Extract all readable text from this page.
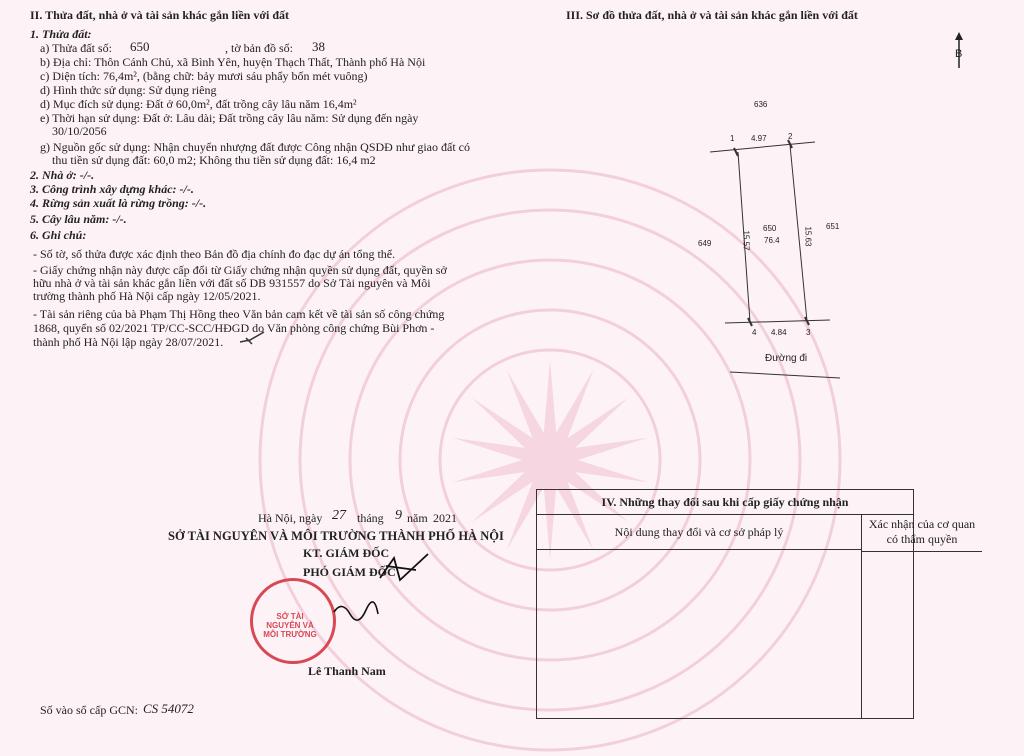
II. Thửa đất, nhà ở và tài sản khác gắn liền với đất
1. Thửa đất:
a) Thửa đất số: 650	, tờ bản đồ số: 38
b) Địa chỉ: Thôn Cánh Chủ, xã Bình Yên, huyện Thạch Thất, Thành phố Hà Nội
c) Diện tích: 76,4m², (bằng chữ: bảy mươi sáu phẩy bốn mét vuông)
d) Hình thức sử dụng: Sử dụng riêng
d) Mục đích sử dụng: Đất ở 60,0m², đất trồng cây lâu năm 16,4m²
e) Thời hạn sử dụng: Đất ở: Lâu dài; Đất trồng cây lâu năm: Sử dụng đến ngày
30/10/2056
g) Nguồn gốc sử dụng: Nhận chuyển nhượng đất được Công nhận QSDĐ như giao đất có
thu tiền sử dụng đất: 60,0 m2; Không thu tiền sử dụng đất: 16,4 m2
2. Nhà ở: -/-.
3. Công trình xây dựng khác: -/-.
4. Rừng sản xuất là rừng trồng: -/-.
5. Cây lâu năm: -/-.
6. Ghi chú:
- Số tờ, số thửa được xác định theo Bản đồ địa chính đo đạc dự án tổng thể.
- Giấy chứng nhận này được cấp đổi từ Giấy chứng nhận quyền sử dụng đất, quyền sở
hữu nhà ở và tài sản khác gắn liền với đất số DB 931557 do Sở Tài nguyên và Môi
trường thành phố Hà Nội cấp ngày 12/05/2021.
- Tài sản riêng của bà Phạm Thị Hồng theo Văn bản cam kết về tài sản số công chứng
1868, quyển số 02/2021 TP/CC-SCC/HĐGD do Văn phòng công chứng Bùi Phơn -
thành phố Hà Nội lập ngày 28/07/2021.
III. Sơ đồ thửa đất, nhà ở và tài sản khác gắn liền với đất
B
636
1 4.97	2
649	15.57
650
76.4	15.63 651
4 4.84 3
Đường đi
Hà Nội, ngày 27 tháng 9 năm 2021
SỞ TÀI NGUYÊN VÀ MÔI TRƯỜNG THÀNH PHỐ HÀ NỘI
KT. GIÁM ĐỐC
PHÓ GIÁM ĐỐC
SỞ TÀI NGUYÊN VÀ MÔI TRƯỜNG
Lê Thanh Nam
Số vào sổ cấp GCN: CS 54072
IV. Những thay đổi sau khi cấp giấy chứng nhận
Nội dung thay đổi và cơ sở pháp lý
Xác nhận của cơ quan
có thẩm quyền
